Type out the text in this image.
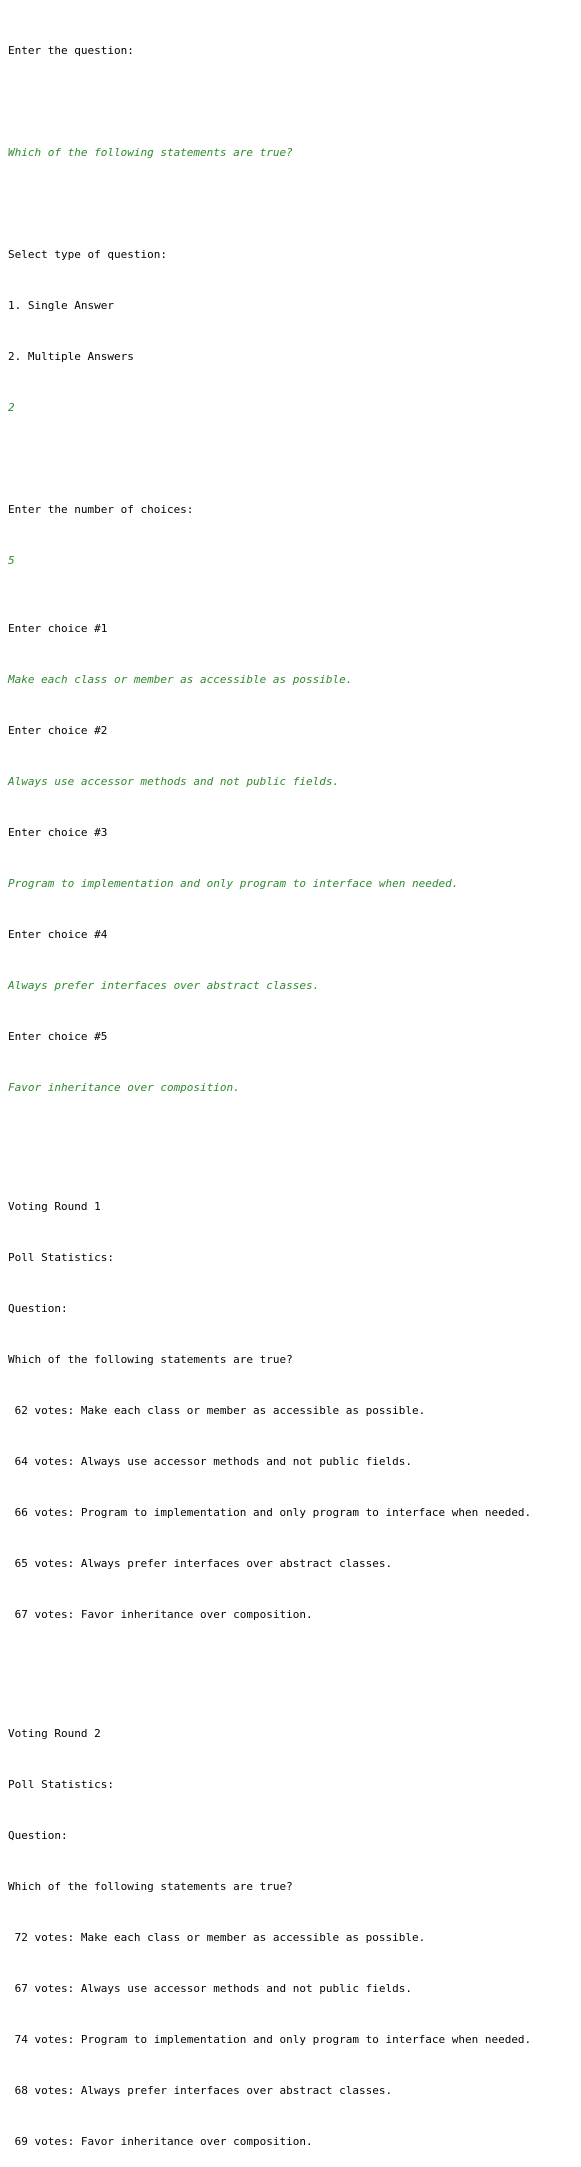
Enter the question:

Which of the following statements are true?

Select type of question:

1. Single Answer

2. Multiple Answers

2

Enter the number of choices:

5

Enter choice #1

Make each class or member as accessible as possible.

Enter choice #2

Always use accessor methods and not public fields.

Enter choice #3

Program to implementation and only program to interface when needed.

Enter choice #4

Always prefer interfaces over abstract classes.

Enter choice #5

Favor inheritance over composition.

Voting Round 1

Poll Statistics:

Question:

Which of the following statements are true?

62 votes: Make each class or member as accessible as possible.

64 votes: Always use accessor methods and not public fields.

66 votes: Program to implementation and only program to interface when needed.

65 votes: Always prefer interfaces over abstract classes.

67 votes: Favor inheritance over composition.

Voting Round 2

Poll Statistics:

Question:

Which of the following statements are true?

72 votes: Make each class or member as accessible as possible.

67 votes: Always use accessor methods and not public fields.

74 votes: Program to implementation and only program to interface when needed.

68 votes: Always prefer interfaces over abstract classes.

69 votes: Favor inheritance over composition.
